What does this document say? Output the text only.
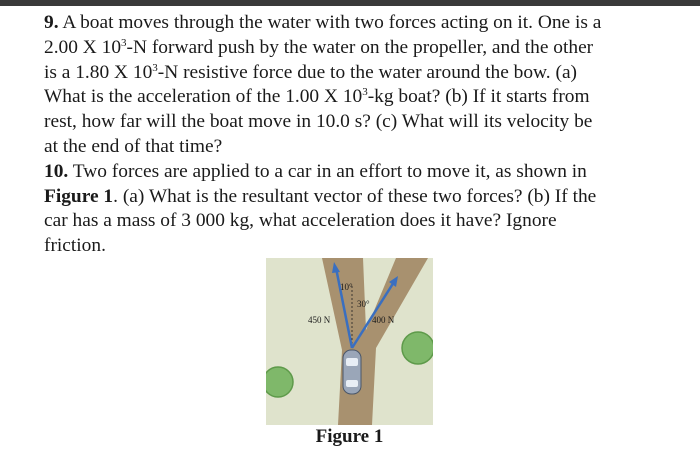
9. A boat moves through the water with two forces acting on it. One is a
2.00 X $10^3-N$ forward push by the water on the propeller, and the other
is a 1.80 X $10^3-N$ resistive force due to the water around the bow. (a)
What is the acceleration of the 1.00 X $10^3-kg$ boat? (b) If it starts from
rest, how far will the boat move in 10.0 s? (c) What will its velocity be
at the end of that time?
10. Two forces are applied to a car in an effort to move it, as shown in
Figure 1. (a) What is the resultant vector of these two forces? (b) If the
car has a mass of 3 000 kg, what acceleration does it have? Ignore
friction.
10°
30°
450 N	400 N
Figure 1
